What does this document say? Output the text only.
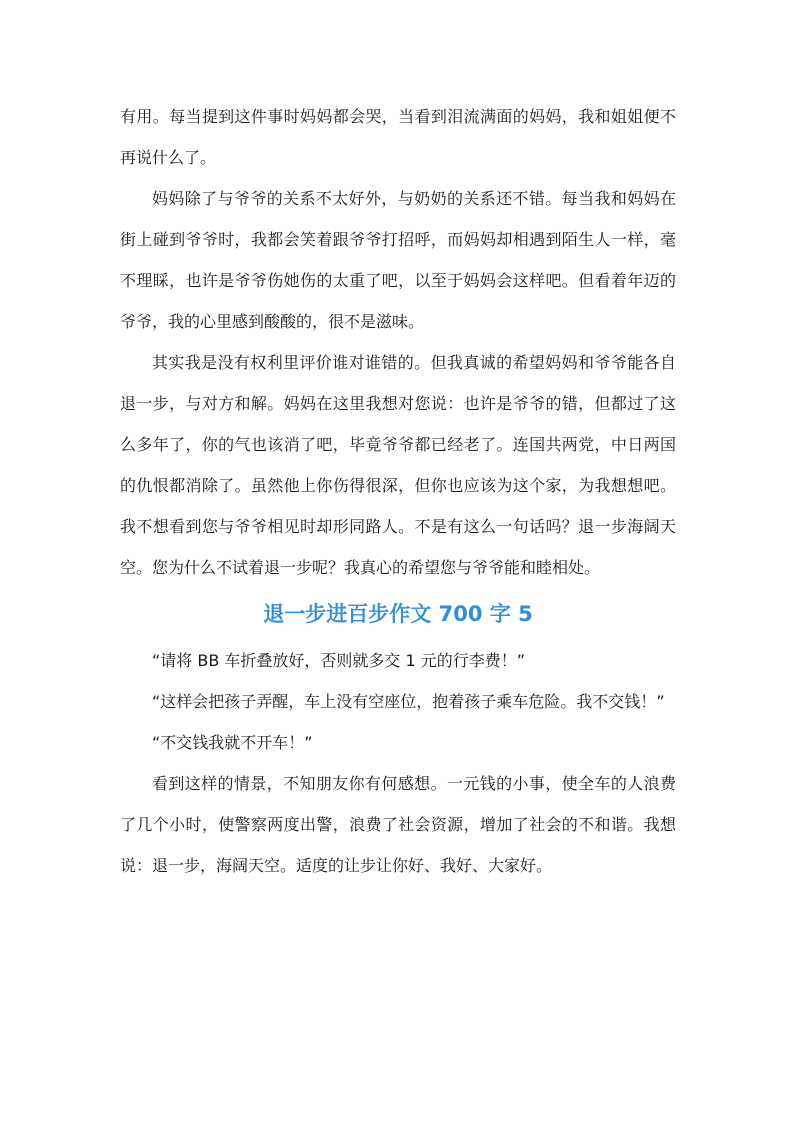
有用。每当提到这件事时妈妈都会哭，当看到泪流满面的妈妈，我和姐姐便不再说什么了。

妈妈除了与爷爷的关系不太好外，与奶奶的关系还不错。每当我和妈妈在街上碰到爷爷时，我都会笑着跟爷爷打招呼，而妈妈却相遇到陌生人一样，毫不理睬，也许是爷爷伤她伤的太重了吧，以至于妈妈会这样吧。但看着年迈的爷爷，我的心里感到酸酸的，很不是滋味。

其实我是没有权利里评价谁对谁错的。但我真诚的希望妈妈和爷爷能各自退一步，与对方和解。妈妈在这里我想对您说：也许是爷爷的错，但都过了这么多年了，你的气也该消了吧，毕竟爷爷都已经老了。连国共两党，中日两国的仇恨都消除了。虽然他上你伤得很深，但你也应该为这个家，为我想想吧。我不想看到您与爷爷相见时却形同路人。不是有这么一句话吗？退一步海阔天空。您为什么不试着退一步呢？我真心的希望您与爷爷能和睦相处。

退一步进百步作文 700 字 5

“请将 BB 车折叠放好，否则就多交 1 元的行李费！”

“这样会把孩子弄醒，车上没有空座位，抱着孩子乘车危险。我不交钱！”

“不交钱我就不开车！”

看到这样的情景，不知朋友你有何感想。一元钱的小事，使全车的人浪费了几个小时，使警察两度出警，浪费了社会资源，增加了社会的不和谐。我想说：退一步，海阔天空。适度的让步让你好、我好、大家好。
